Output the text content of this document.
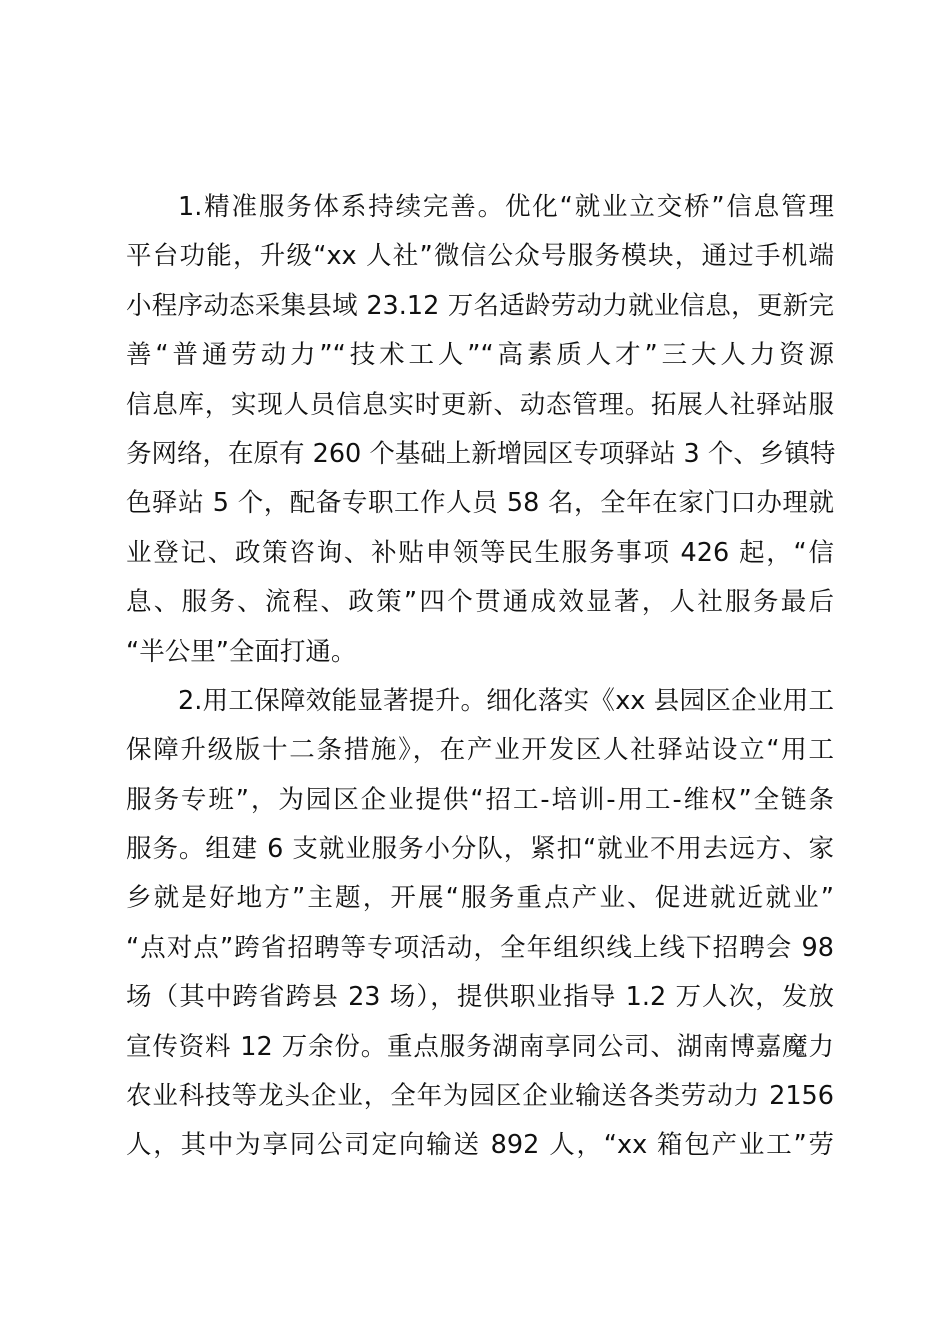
1.精准服务体系持续完善。优化“就业立交桥”信息管理
平台功能，升级“xx 人社”微信公众号服务模块，通过手机端
小程序动态采集县域 23.12 万名适龄劳动力就业信息，更新完
善“普通劳动力”“技术工人”“高素质人才”三大人力资源
信息库，实现人员信息实时更新、动态管理。拓展人社驿站服
务网络，在原有 260 个基础上新增园区专项驿站 3 个、乡镇特
色驿站 5 个，配备专职工作人员 58 名，全年在家门口办理就
业登记、政策咨询、补贴申领等民生服务事项 426 起，“信
息、服务、流程、政策”四个贯通成效显著，人社服务最后
“半公里”全面打通。
2.用工保障效能显著提升。细化落实《xx 县园区企业用工
保障升级版十二条措施》，在产业开发区人社驿站设立“用工
服务专班”，为园区企业提供“招工-培训-用工-维权”全链条
服务。组建 6 支就业服务小分队，紧扣“就业不用去远方、家
乡就是好地方”主题，开展“服务重点产业、促进就近就业”
“点对点”跨省招聘等专项活动，全年组织线上线下招聘会 98
场（其中跨省跨县 23 场），提供职业指导 1.2 万人次，发放
宣传资料 12 万余份。重点服务湖南享同公司、湖南博嘉魔力
农业科技等龙头企业，全年为园区企业输送各类劳动力 2156
人，其中为享同公司定向输送 892 人，“xx 箱包产业工”劳
